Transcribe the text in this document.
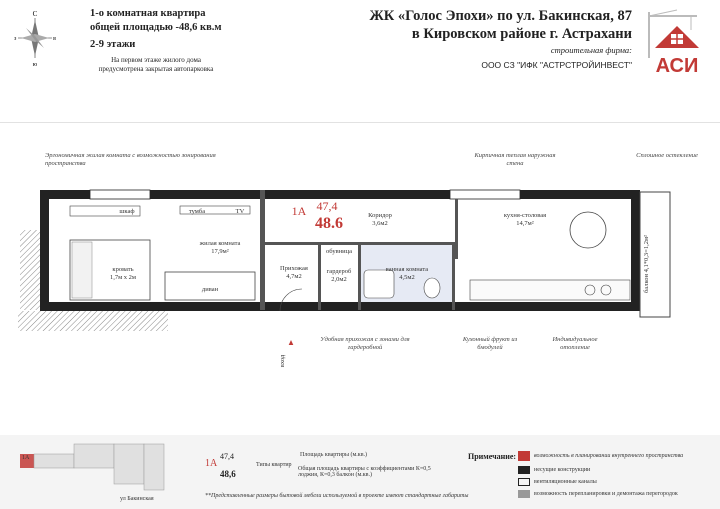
С
в
ю
з
1-о комнатная квартира
общей площадью -48,6 кв.м
2-9 этажи
На первом этаже жилого дома предусмотрена закрытая автопарковка
ЖК «Голос Эпохи» по ул. Бакинская, 87
в Кировском районе г. Астрахани
строительная фирма:
ООО СЗ "ИФК "АСТРСТРОЙИНВЕСТ" АСИ
Эргономичная жилая комната с возможностью зонирования пространства
Кирпичная теплая наружная стена
Сплошное остекление
жилая комната
17,9м²
кровать
1,7м х 2м
диван
шкаф	тумба	TV
обувница
1А 47,4
48.6	Коридор
3,6м2
кухня-столовая
14,7м²
Прихожая
4,7м2
гардероб
2,0м2
ванная комната
4,5м2	балкон 4,1*0,3=1,2м²
вход
Удобная прихожая с зонами для гардеробной
Кухонный фрукт из бмодулей
Индивидуальное отопление
1А
ул Бакинская
1А
47,4
48,6
Типы квартир
Площадь квартиры (м.кв.)
Общая площадь квартиры с коэффициентами К=0,5 лоджия, К=0,3 балкон (м.кв.)
**Представленные размеры бытовой мебели используемой в проекте имеют стандартные габариты
Примечание:	возможность в планировании внутреннего пространства
несущие конструкции
вентиляционные каналы
возможность перепланировки и демонтажа перегородок
